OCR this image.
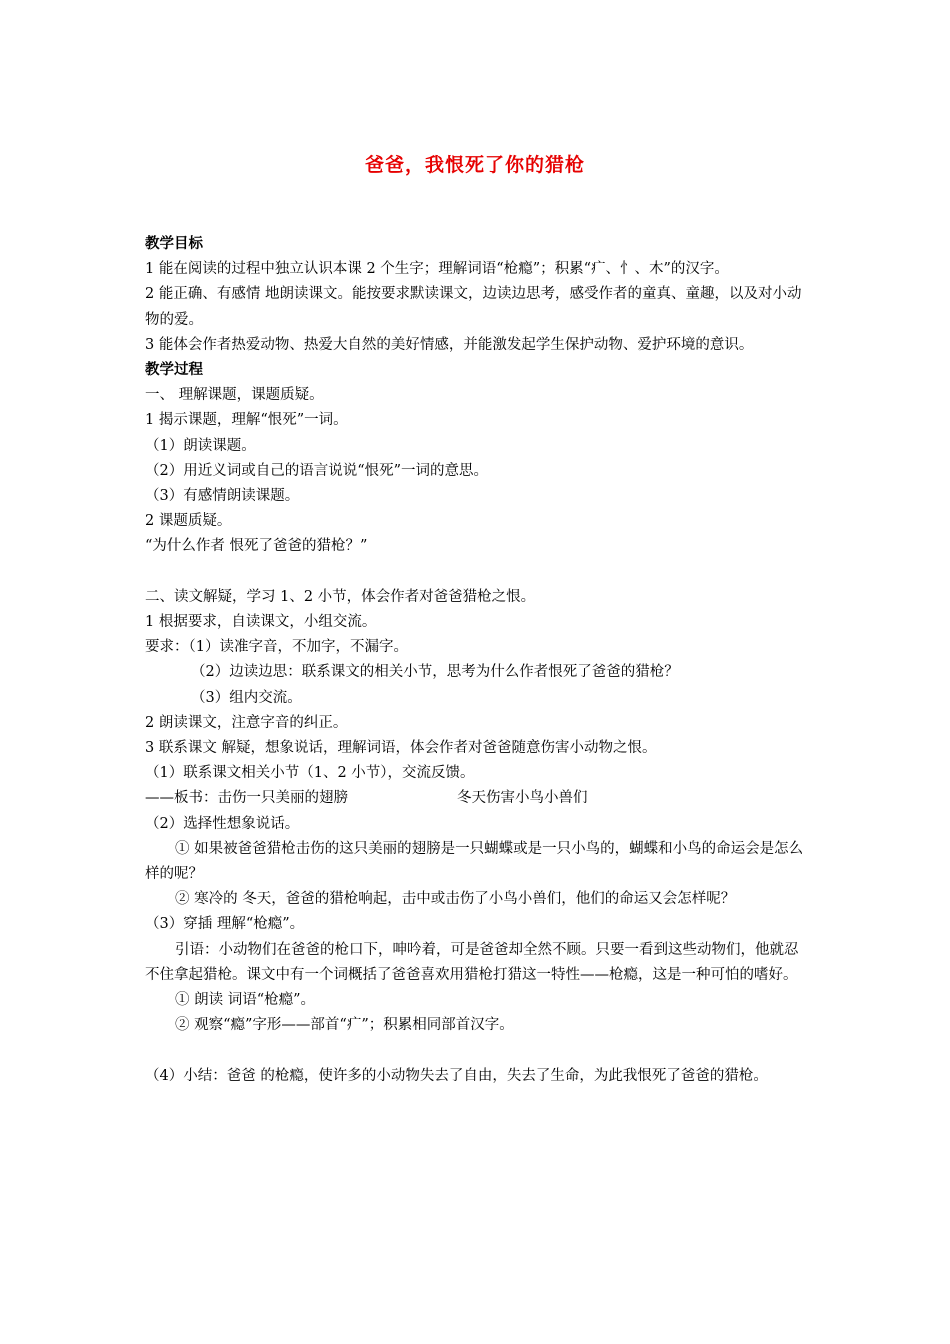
爸爸，我恨死了你的猎枪
教学目标
1 能在阅读的过程中独立认识本课 2 个生字；理解词语“枪瘾”；积累“疒、忄、木”的汉字。
2 能正确、有感情 地朗读课文。能按要求默读课文，边读边思考，感受作者的童真、童趣，以及对小动物的爱。
3 能体会作者热爱动物、热爱大自然的美好情感，并能激发起学生保护动物、爱护环境的意识。
教学过程
一、 理解课题，课题质疑。
1 揭示课题，理解“恨死”一词。
（1）朗读课题。
（2）用近义词或自己的语言说说“恨死”一词的意思。
（3）有感情朗读课题。
2 课题质疑。
“为什么作者 恨死了爸爸的猎枪？”
二、读文解疑，学习 1、2 小节，体会作者对爸爸猎枪之恨。
1 根据要求，自读课文，小组交流。
要求：（1）读准字音，不加字，不漏字。
（2）边读边思：联系课文的相关小节，思考为什么作者恨死了爸爸的猎枪？
（3）组内交流。
2 朗读课文，注意字音的纠正。
3 联系课文 解疑，想象说话，理解词语，体会作者对爸爸随意伤害小动物之恨。
（1）联系课文相关小节（1、2 小节），交流反馈。
——板书：击伤一只美丽的翅膀	冬天伤害小鸟小兽们
（2）选择性想象说话。
① 如果被爸爸猎枪击伤的这只美丽的翅膀是一只蝴蝶或是一只小鸟的，蝴蝶和小鸟的命运会是怎么样的呢？
② 寒冷的 冬天，爸爸的猎枪响起，击中或击伤了小鸟小兽们，他们的命运又会怎样呢？
（3）穿插 理解“枪瘾”。
引语：小动物们在爸爸的枪口下，呻吟着，可是爸爸却全然不顾。只要一看到这些动物们，他就忍不住拿起猎枪。课文中有一个词概括了爸爸喜欢用猎枪打猎这一特性——枪瘾，这是一种可怕的嗜好。
① 朗读 词语“枪瘾”。
② 观察“瘾”字形——部首“疒”；积累相同部首汉字。
（4）小结：爸爸 的枪瘾，使许多的小动物失去了自由，失去了生命，为此我恨死了爸爸的猎枪。
